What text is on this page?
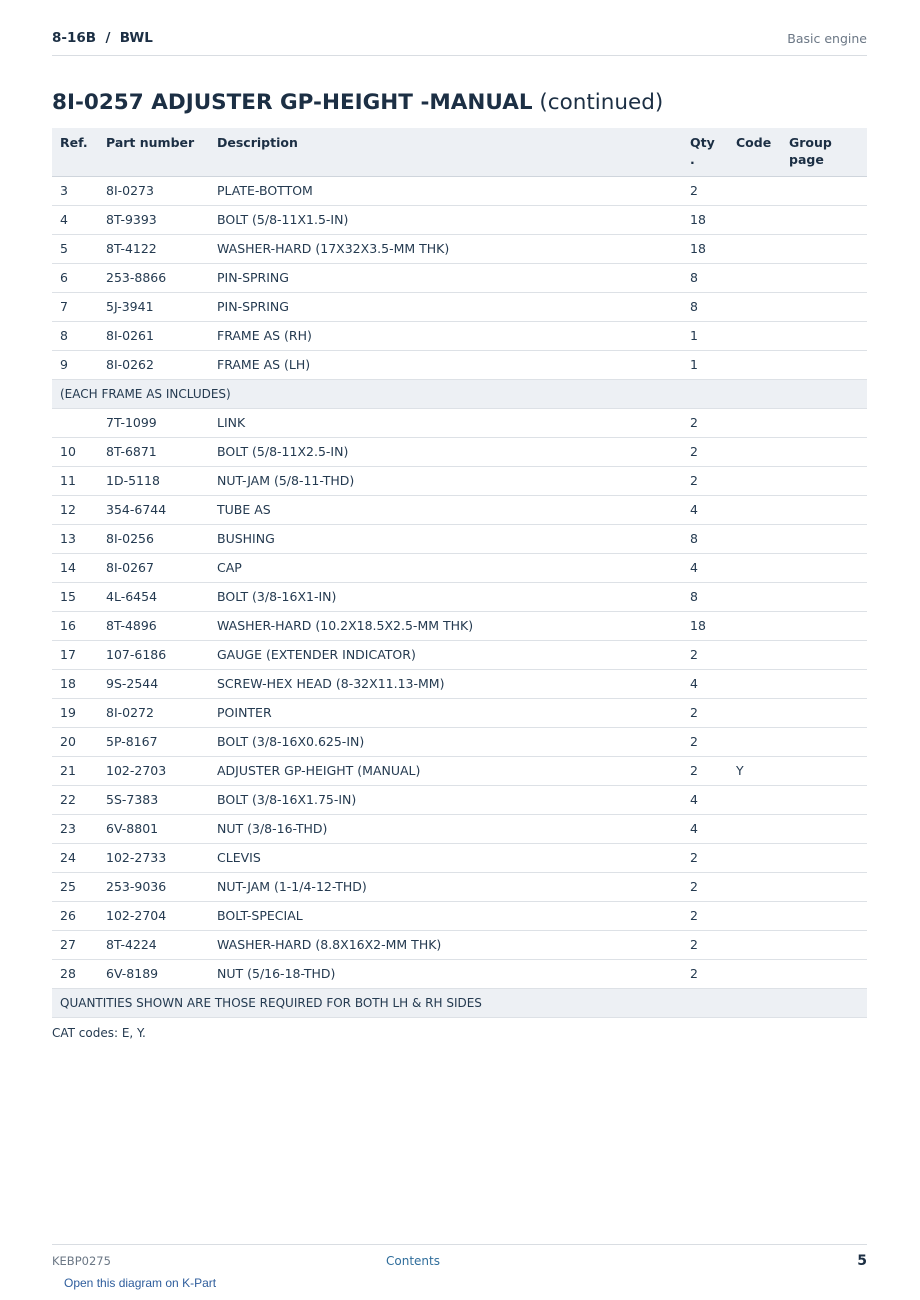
8-16B  /  BWL	Basic engine
8I-0257 ADJUSTER GP-HEIGHT -MANUAL (continued)
Ref.	Part number	Description	Qty .	Code	Group page
3	8I-0273	PLATE-BOTTOM	2		
4	8T-9393	BOLT (5/8-11X1.5-IN)	18		
5	8T-4122	WASHER-HARD (17X32X3.5-MM THK)	18		
6	253-8866	PIN-SPRING	8		
7	5J-3941	PIN-SPRING	8		
8	8I-0261	FRAME AS (RH)	1		
9	8I-0262	FRAME AS (LH)	1		
(EACH FRAME AS INCLUDES)					
	7T-1099	LINK	2		
10	8T-6871	BOLT (5/8-11X2.5-IN)	2		
11	1D-5118	NUT-JAM (5/8-11-THD)	2		
12	354-6744	TUBE AS	4		
13	8I-0256	BUSHING	8		
14	8I-0267	CAP	4		
15	4L-6454	BOLT (3/8-16X1-IN)	8		
16	8T-4896	WASHER-HARD (10.2X18.5X2.5-MM THK)	18		
17	107-6186	GAUGE (EXTENDER INDICATOR)	2		
18	9S-2544	SCREW-HEX HEAD (8-32X11.13-MM)	4		
19	8I-0272	POINTER	2		
20	5P-8167	BOLT (3/8-16X0.625-IN)	2		
21	102-2703	ADJUSTER GP-HEIGHT (MANUAL)	2	Y	
22	5S-7383	BOLT (3/8-16X1.75-IN)	4		
23	6V-8801	NUT (3/8-16-THD)	4		
24	102-2733	CLEVIS	2		
25	253-9036	NUT-JAM (1-1/4-12-THD)	2		
26	102-2704	BOLT-SPECIAL	2		
27	8T-4224	WASHER-HARD (8.8X16X2-MM THK)	2		
28	6V-8189	NUT (5/16-18-THD)	2		
QUANTITIES SHOWN ARE THOSE REQUIRED FOR BOTH LH & RH SIDES					
CAT codes: E, Y.
KEBP0275	Contents	5
Open this diagram on K-Part
